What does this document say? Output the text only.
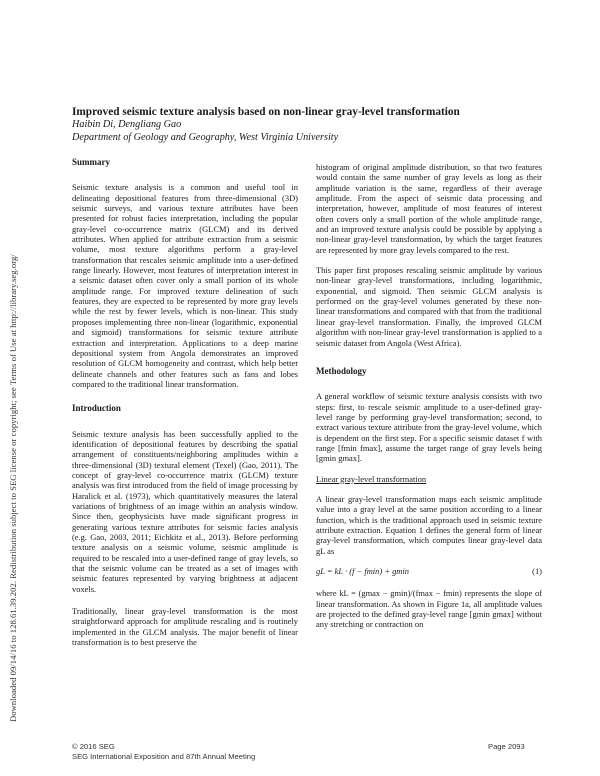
Downloaded 09/14/16 to 128.61.39.202. Redistribution subject to SEG license or copyright; see Terms of Use at http://library.seg.org/
Improved seismic texture analysis based on non-linear gray-level transformation
Haibin Di, Dengliang Gao
Department of Geology and Geography, West Virginia University
Summary

Seismic texture analysis is a common and useful tool in delineating depositional features from three-dimensional (3D) seismic surveys, and various texture attributes have been presented for robust facies interpretation, including the popular gray-level co-occurrence matrix (GLCM) and its derived attributes. When applied for attribute extraction from a seismic volume, most texture algorithms perform a gray-level transformation that rescales seismic amplitude into a user-defined range linearly. However, most features of interpretation interest in a seismic dataset often cover only a small portion of its whole amplitude range. For improved texture delineation of such features, they are expected to be represented by more gray levels while the rest by fewer levels, which is non-linear. This study proposes implementing three non-linear (logarithmic, exponential and sigmoid) transformations for seismic texture attribute extraction and interpretation. Applications to a deep marine depositional system from Angola demonstrates an improved resolution of GLCM homogeneity and contrast, which help better delineate channels and other features such as fans and lobes compared to the traditional linear transformation.

Introduction

Seismic texture analysis has been successfully applied to the identification of depositional features by describing the spatial arrangement of constituents/neighboring amplitudes within a three-dimensional (3D) textural element (Texel) (Gao, 2011). The concept of gray-level co-occurrence matrix (GLCM) texture analysis was first introduced from the field of image processing by Haralick et al. (1973), which quantitatively measures the lateral variations of brightness of an image within an analysis window. Since then, geophysicists have made significant progress in generating various texture attributes for seismic facies analysis (e.g. Gao, 2003, 2011; Eichkitz et al., 2013). Before performing texture analysis on a seismic volume, seismic amplitude is required to be rescaled into a user-defined range of gray levels, so that the seismic volume can be treated as a set of images with seismic features represented by varying brightness at adjacent voxels.

Traditionally, linear gray-level transformation is the most straightforward approach for amplitude rescaling and is routinely implemented in the GLCM analysis. The major benefit of linear transformation is to best preserve the

histogram of original amplitude distribution, so that two features would contain the same number of gray levels as long as their amplitude variation is the same, regardless of their average amplitude. From the aspect of seismic data processing and interpretation, however, amplitude of most features of interest often covers only a small portion of the whole amplitude range, and an improved texture analysis could be possible by applying a non-linear gray-level transformation, by which the target features are represented by more gray levels compared to the rest.

This paper first proposes rescaling seismic amplitude by various non-linear gray-level transformations, including logarithmic, exponential, and sigmoid. Then seismic GLCM analysis is performed on the gray-level volumes generated by these non-linear transformations and compared with that from the traditional linear gray-level transformation. Finally, the improved GLCM algorithm with non-linear gray-level transformation is applied to a seismic dataset from Angola (West Africa).

Methodology

A general workflow of seismic texture analysis consists with two steps: first, to rescale seismic amplitude to a user-defined gray-level range by performing gray-level transformation; second, to extract various texture attribute from the gray-level volume, which is dependent on the first step. For a specific seismic dataset f with range [fmin fmax], assume the target range of gray levels being [gmin gmax].

Linear gray-level transformation

A linear gray-level transformation maps each seismic amplitude value into a gray level at the same position according to a linear function, which is the traditional approach used in seismic texture attribute extraction. Equation 1 defines the general form of linear gray-level transformation, which computes linear gray-level data gL as

gL = kL · (f − fmin) + gmin	(1)

where kL = (gmax − gmin)/(fmax − fmin) represents the slope of linear transformation. As shown in Figure 1a, all amplitude values are projected to the defined gray-level range [gmin gmax] without any stretching or contraction on

© 2016 SEG
SEG International Exposition and 87th Annual Meeting
Page 2093
